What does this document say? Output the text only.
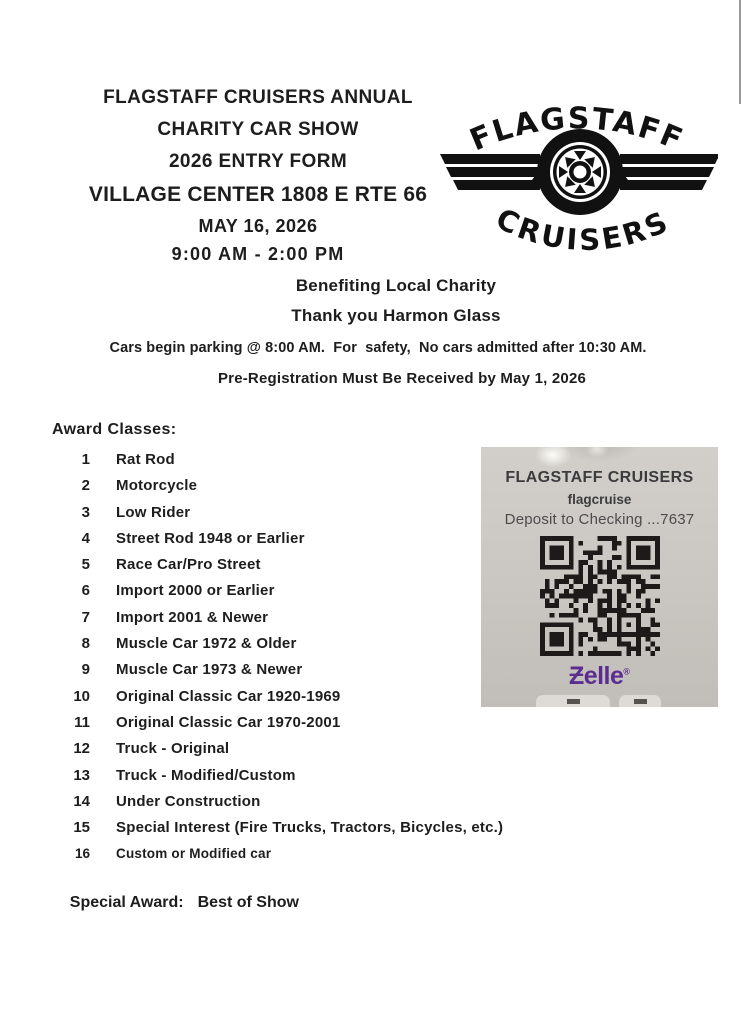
FLAGSTAFF CRUISERS ANNUAL
CHARITY CAR SHOW
2026 ENTRY FORM
VILLAGE CENTER 1808 E RTE 66
MAY 16, 2026
9:00 AM - 2:00 PM
FLAGSTAFF
CRUISERS
Benefiting Local Charity
Thank you Harmon Glass
Cars begin parking @ 8:00 AM.  For  safety,  No cars admitted after 10:30 AM.
Pre-Registration Must Be Received by May 1, 2026
Award Classes:
1 Rat Rod
2 Motorcycle
3 Low Rider
4 Street Rod 1948 or Earlier
5 Race Car/Pro Street
6 Import 2000 or Earlier
7 Import 2001 & Newer
8 Muscle Car 1972 & Older
9 Muscle Car 1973 & Newer
10 Original Classic Car 1920-1969
11 Original Classic Car 1970-2001
12 Truck - Original
13 Truck - Modified/Custom
14 Under Construction
15 Special Interest (Fire Trucks, Tractors, Bicycles, etc.)
16 Custom or Modified car

Special Award: Best of Show

FLAGSTAFF CRUISERS
flagcruise
Deposit to Checking ...7637
Ƶelle®
